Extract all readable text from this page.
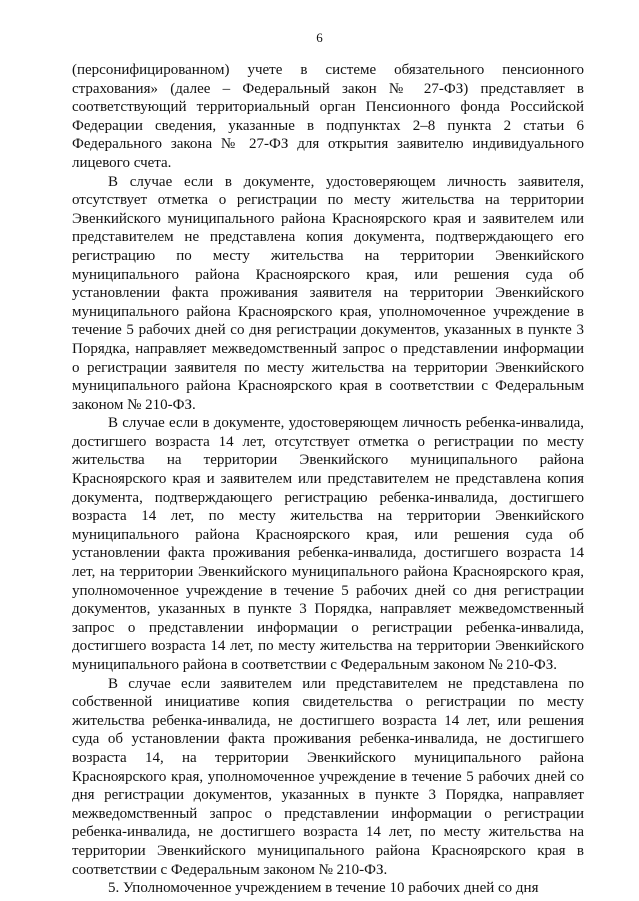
6

(персонифицированном) учете в системе обязательного пенсионного страхования» (далее – Федеральный закон № 27-ФЗ) представляет в соответствующий территориальный орган Пенсионного фонда Российской Федерации сведения, указанные в подпунктах 2–8 пункта 2 статьи 6 Федерального закона № 27-ФЗ для открытия заявителю индивидуального лицевого счета.

В случае если в документе, удостоверяющем личность заявителя, отсутствует отметка о регистрации по месту жительства на территории Эвенкийского муниципального района Красноярского края и заявителем или представителем не представлена копия документа, подтверждающего его регистрацию по месту жительства на территории Эвенкийского муниципального района Красноярского края, или решения суда об установлении факта проживания заявителя на территории Эвенкийского муниципального района Красноярского края, уполномоченное учреждение в течение 5 рабочих дней со дня регистрации документов, указанных в пункте 3 Порядка, направляет межведомственный запрос о представлении информации о регистрации заявителя по месту жительства на территории Эвенкийского муниципального района Красноярского края в соответствии с Федеральным законом № 210-ФЗ.

В случае если в документе, удостоверяющем личность ребенка-инвалида, достигшего возраста 14 лет, отсутствует отметка о регистрации по месту жительства на территории Эвенкийского муниципального района Красноярского края и заявителем или представителем не представлена копия документа, подтверждающего регистрацию ребенка-инвалида, достигшего возраста 14 лет, по месту жительства на территории Эвенкийского муниципального района Красноярского края, или решения суда об установлении факта проживания ребенка-инвалида, достигшего возраста 14 лет, на территории Эвенкийского муниципального района Красноярского края, уполномоченное учреждение в течение 5 рабочих дней со дня регистрации документов, указанных в пункте 3 Порядка, направляет межведомственный запрос о представлении информации о регистрации ребенка-инвалида, достигшего возраста 14 лет, по месту жительства на территории Эвенкийского муниципального района в соответствии с Федеральным законом № 210-ФЗ.

В случае если заявителем или представителем не представлена по собственной инициативе копия свидетельства о регистрации по месту жительства ребенка-инвалида, не достигшего возраста 14 лет, или решения суда об установлении факта проживания ребенка-инвалида, не достигшего возраста 14, на территории Эвенкийского муниципального района Красноярского края, уполномоченное учреждение в течение 5 рабочих дней со дня регистрации документов, указанных в пункте 3 Порядка, направляет межведомственный запрос о представлении информации о регистрации ребенка-инвалида, не достигшего возраста 14 лет, по месту жительства на территории Эвенкийского муниципального района Красноярского края в соответствии с Федеральным законом № 210-ФЗ.

5. Уполномоченное учреждением в течение 10 рабочих дней со дня
